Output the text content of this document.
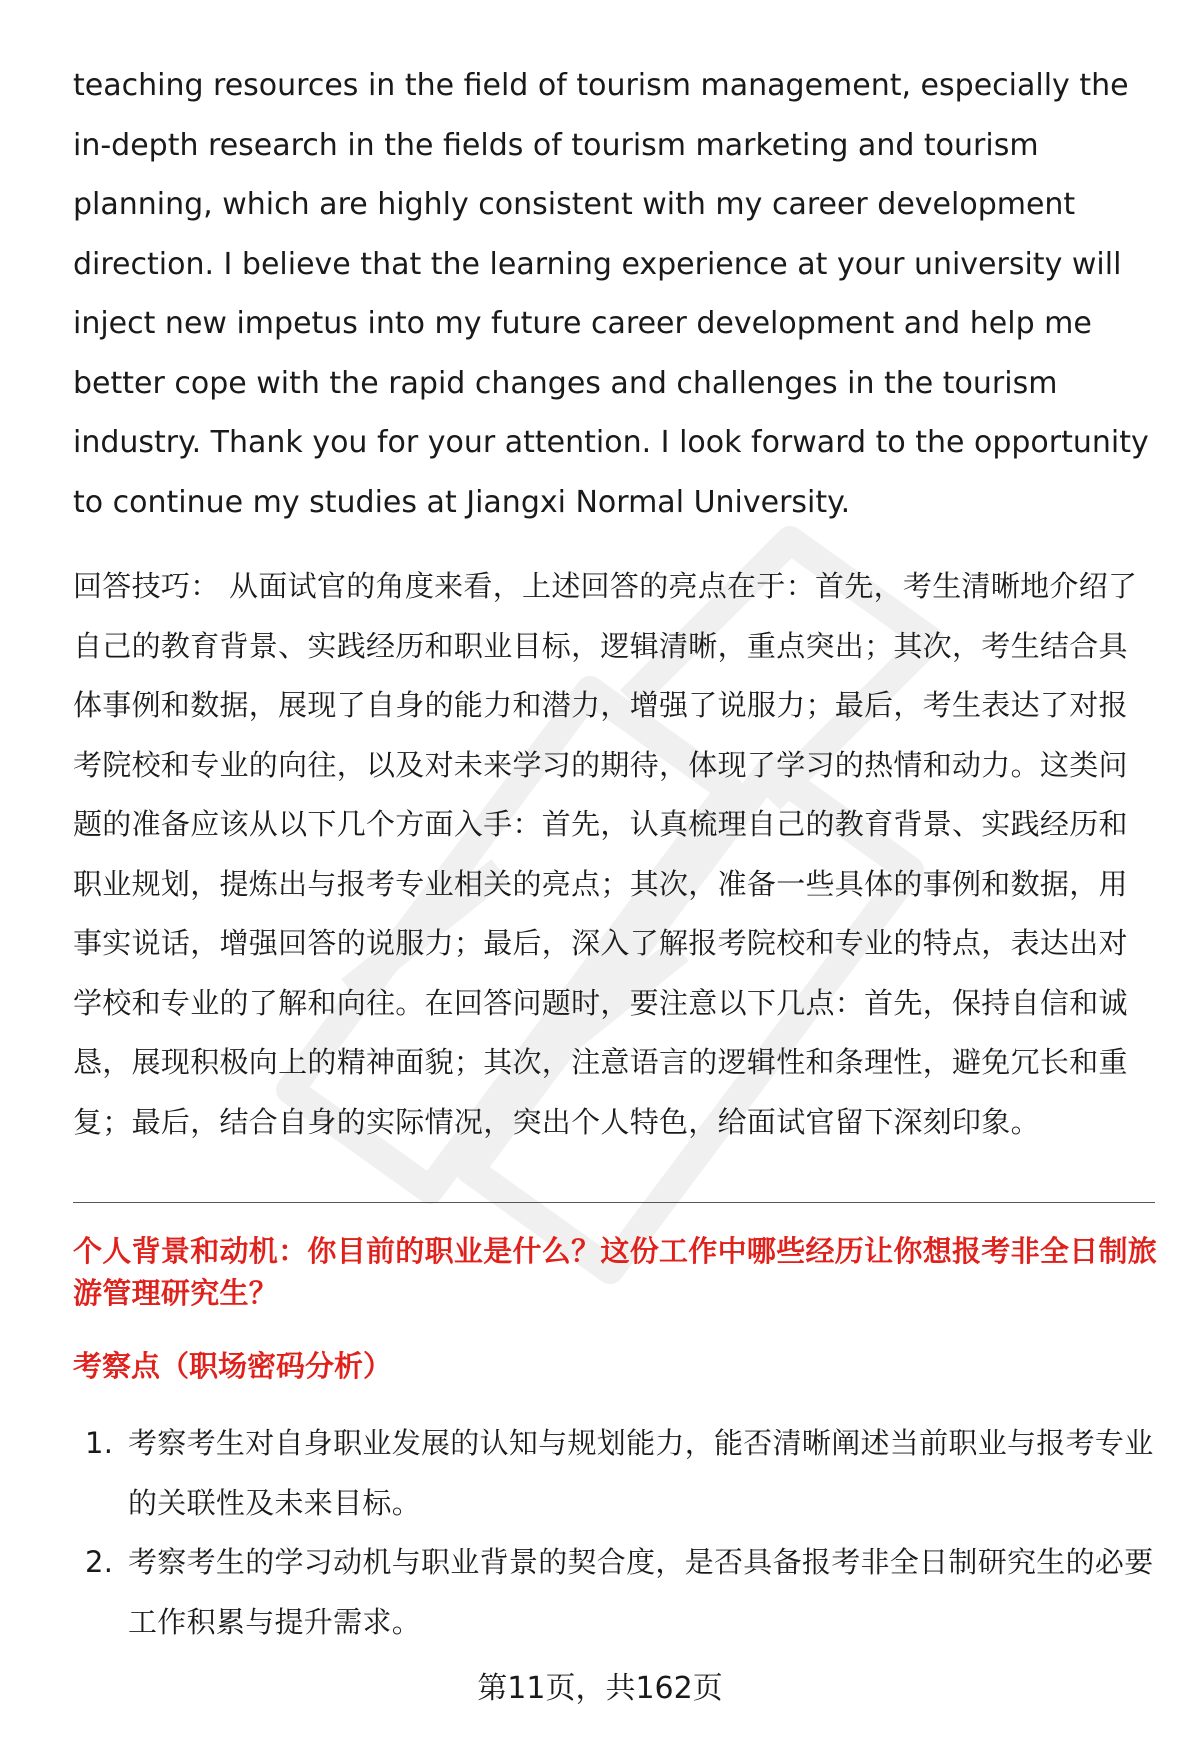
teaching resources in the field of tourism management, especially the in-depth research in the fields of tourism marketing and tourism planning, which are highly consistent with my career development direction. I believe that the learning experience at your university will inject new impetus into my future career development and help me better cope with the rapid changes and challenges in the tourism industry. Thank you for your attention. I look forward to the opportunity to continue my studies at Jiangxi Normal University.

回答技巧： 从面试官的角度来看，上述回答的亮点在于：首先，考生清晰地介绍了自己的教育背景、实践经历和职业目标，逻辑清晰，重点突出；其次，考生结合具体事例和数据，展现了自身的能力和潜力，增强了说服力；最后，考生表达了对报考院校和专业的向往，以及对未来学习的期待，体现了学习的热情和动力。这类问题的准备应该从以下几个方面入手：首先，认真梳理自己的教育背景、实践经历和职业规划，提炼出与报考专业相关的亮点；其次，准备一些具体的事例和数据，用事实说话，增强回答的说服力；最后，深入了解报考院校和专业的特点，表达出对学校和专业的了解和向往。在回答问题时，要注意以下几点：首先，保持自信和诚恳，展现积极向上的精神面貌；其次，注意语言的逻辑性和条理性，避免冗长和重复；最后，结合自身的实际情况，突出个人特色，给面试官留下深刻印象。

个人背景和动机：你目前的职业是什么？这份工作中哪些经历让你想报考非全日制旅游管理研究生？

考察点（职场密码分析）

1. 考察考生对自身职业发展的认知与规划能力，能否清晰阐述当前职业与报考专业的关联性及未来目标。
2. 考察考生的学习动机与职业背景的契合度，是否具备报考非全日制研究生的必要工作积累与提升需求。
第11页，共162页
